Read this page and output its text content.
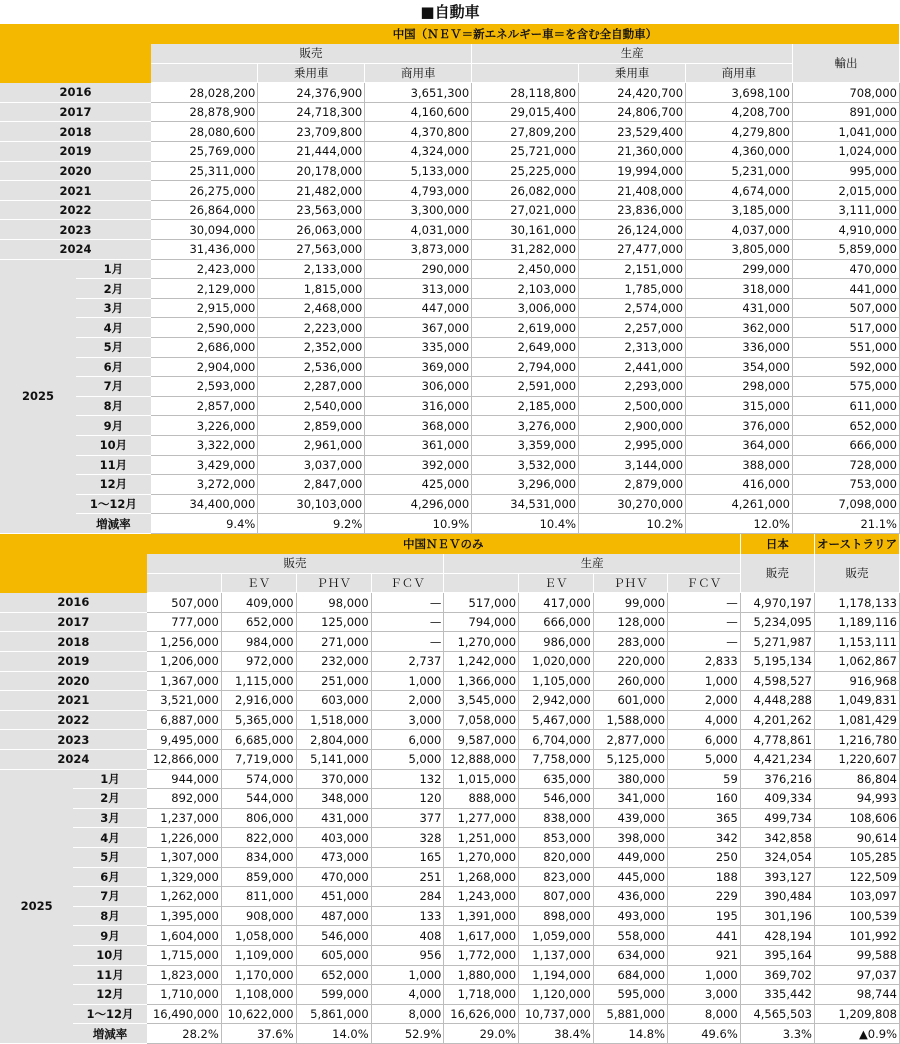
■自動車
		中国（ＮＥＶ＝新エネルギー車＝を含む全自動車）						
		販売			生産			輸出
			乗用車	商用車		乗用車	商用車	
2016		28,028,200	24,376,900	3,651,300	28,118,800	24,420,700	3,698,100	708,000
2017		28,878,900	24,718,300	4,160,600	29,015,400	24,806,700	4,208,700	891,000
2018		28,080,600	23,709,800	4,370,800	27,809,200	23,529,400	4,279,800	1,041,000
2019		25,769,000	21,444,000	4,324,000	25,721,000	21,360,000	4,360,000	1,024,000
2020		25,311,000	20,178,000	5,133,000	25,225,000	19,994,000	5,231,000	995,000
2021		26,275,000	21,482,000	4,793,000	26,082,000	21,408,000	4,674,000	2,015,000
2022		26,864,000	23,563,000	3,300,000	27,021,000	23,836,000	3,185,000	3,111,000
2023		30,094,000	26,063,000	4,031,000	30,161,000	26,124,000	4,037,000	4,910,000
2024		31,436,000	27,563,000	3,873,000	31,282,000	27,477,000	3,805,000	5,859,000
2025	1月	2,423,000	2,133,000	290,000	2,450,000	2,151,000	299,000	470,000
	2月	2,129,000	1,815,000	313,000	2,103,000	1,785,000	318,000	441,000
	3月	2,915,000	2,468,000	447,000	3,006,000	2,574,000	431,000	507,000
	4月	2,590,000	2,223,000	367,000	2,619,000	2,257,000	362,000	517,000
	5月	2,686,000	2,352,000	335,000	2,649,000	2,313,000	336,000	551,000
	6月	2,904,000	2,536,000	369,000	2,794,000	2,441,000	354,000	592,000
	7月	2,593,000	2,287,000	306,000	2,591,000	2,293,000	298,000	575,000
	8月	2,857,000	2,540,000	316,000	2,185,000	2,500,000	315,000	611,000
	9月	3,226,000	2,859,000	368,000	3,276,000	2,900,000	376,000	652,000
	10月	3,322,000	2,961,000	361,000	3,359,000	2,995,000	364,000	666,000
	11月	3,429,000	3,037,000	392,000	3,532,000	3,144,000	388,000	728,000
	12月	3,272,000	2,847,000	425,000	3,296,000	2,879,000	416,000	753,000
	1〜12月	34,400,000	30,103,000	4,296,000	34,531,000	30,270,000	4,261,000	7,098,000
	増減率	9.4%	9.2%	10.9%	10.4%	10.2%	12.0%	21.1%
		中国ＮＥＶのみ								日本	オーストラリア
		販売				生産				販売	販売
			ＥＶ	ＰＨＶ	ＦＣＶ		ＥＶ	ＰＨＶ	ＦＣＶ		
2016		507,000	409,000	98,000	—	517,000	417,000	99,000	—	4,970,197	1,178,133
2017		777,000	652,000	125,000	—	794,000	666,000	128,000	—	5,234,095	1,189,116
2018		1,256,000	984,000	271,000	—	1,270,000	986,000	283,000	—	5,271,987	1,153,111
2019		1,206,000	972,000	232,000	2,737	1,242,000	1,020,000	220,000	2,833	5,195,134	1,062,867
2020		1,367,000	1,115,000	251,000	1,000	1,366,000	1,105,000	260,000	1,000	4,598,527	916,968
2021		3,521,000	2,916,000	603,000	2,000	3,545,000	2,942,000	601,000	2,000	4,448,288	1,049,831
2022		6,887,000	5,365,000	1,518,000	3,000	7,058,000	5,467,000	1,588,000	4,000	4,201,262	1,081,429
2023		9,495,000	6,685,000	2,804,000	6,000	9,587,000	6,704,000	2,877,000	6,000	4,778,861	1,216,780
2024		12,866,000	7,719,000	5,141,000	5,000	12,888,000	7,758,000	5,125,000	5,000	4,421,234	1,220,607
2025	1月	944,000	574,000	370,000	132	1,015,000	635,000	380,000	59	376,216	86,804
	2月	892,000	544,000	348,000	120	888,000	546,000	341,000	160	409,334	94,993
	3月	1,237,000	806,000	431,000	377	1,277,000	838,000	439,000	365	499,734	108,606
	4月	1,226,000	822,000	403,000	328	1,251,000	853,000	398,000	342	342,858	90,614
	5月	1,307,000	834,000	473,000	165	1,270,000	820,000	449,000	250	324,054	105,285
	6月	1,329,000	859,000	470,000	251	1,268,000	823,000	445,000	188	393,127	122,509
	7月	1,262,000	811,000	451,000	284	1,243,000	807,000	436,000	229	390,484	103,097
	8月	1,395,000	908,000	487,000	133	1,391,000	898,000	493,000	195	301,196	100,539
	9月	1,604,000	1,058,000	546,000	408	1,617,000	1,059,000	558,000	441	428,194	101,992
	10月	1,715,000	1,109,000	605,000	956	1,772,000	1,137,000	634,000	921	395,164	99,588
	11月	1,823,000	1,170,000	652,000	1,000	1,880,000	1,194,000	684,000	1,000	369,702	97,037
	12月	1,710,000	1,108,000	599,000	4,000	1,718,000	1,120,000	595,000	3,000	335,442	98,744
	1〜12月	16,490,000	10,622,000	5,861,000	8,000	16,626,000	10,737,000	5,881,000	8,000	4,565,503	1,209,808
	増減率	28.2%	37.6%	14.0%	52.9%	29.0%	38.4%	14.8%	49.6%	3.3%	▲0.9%
